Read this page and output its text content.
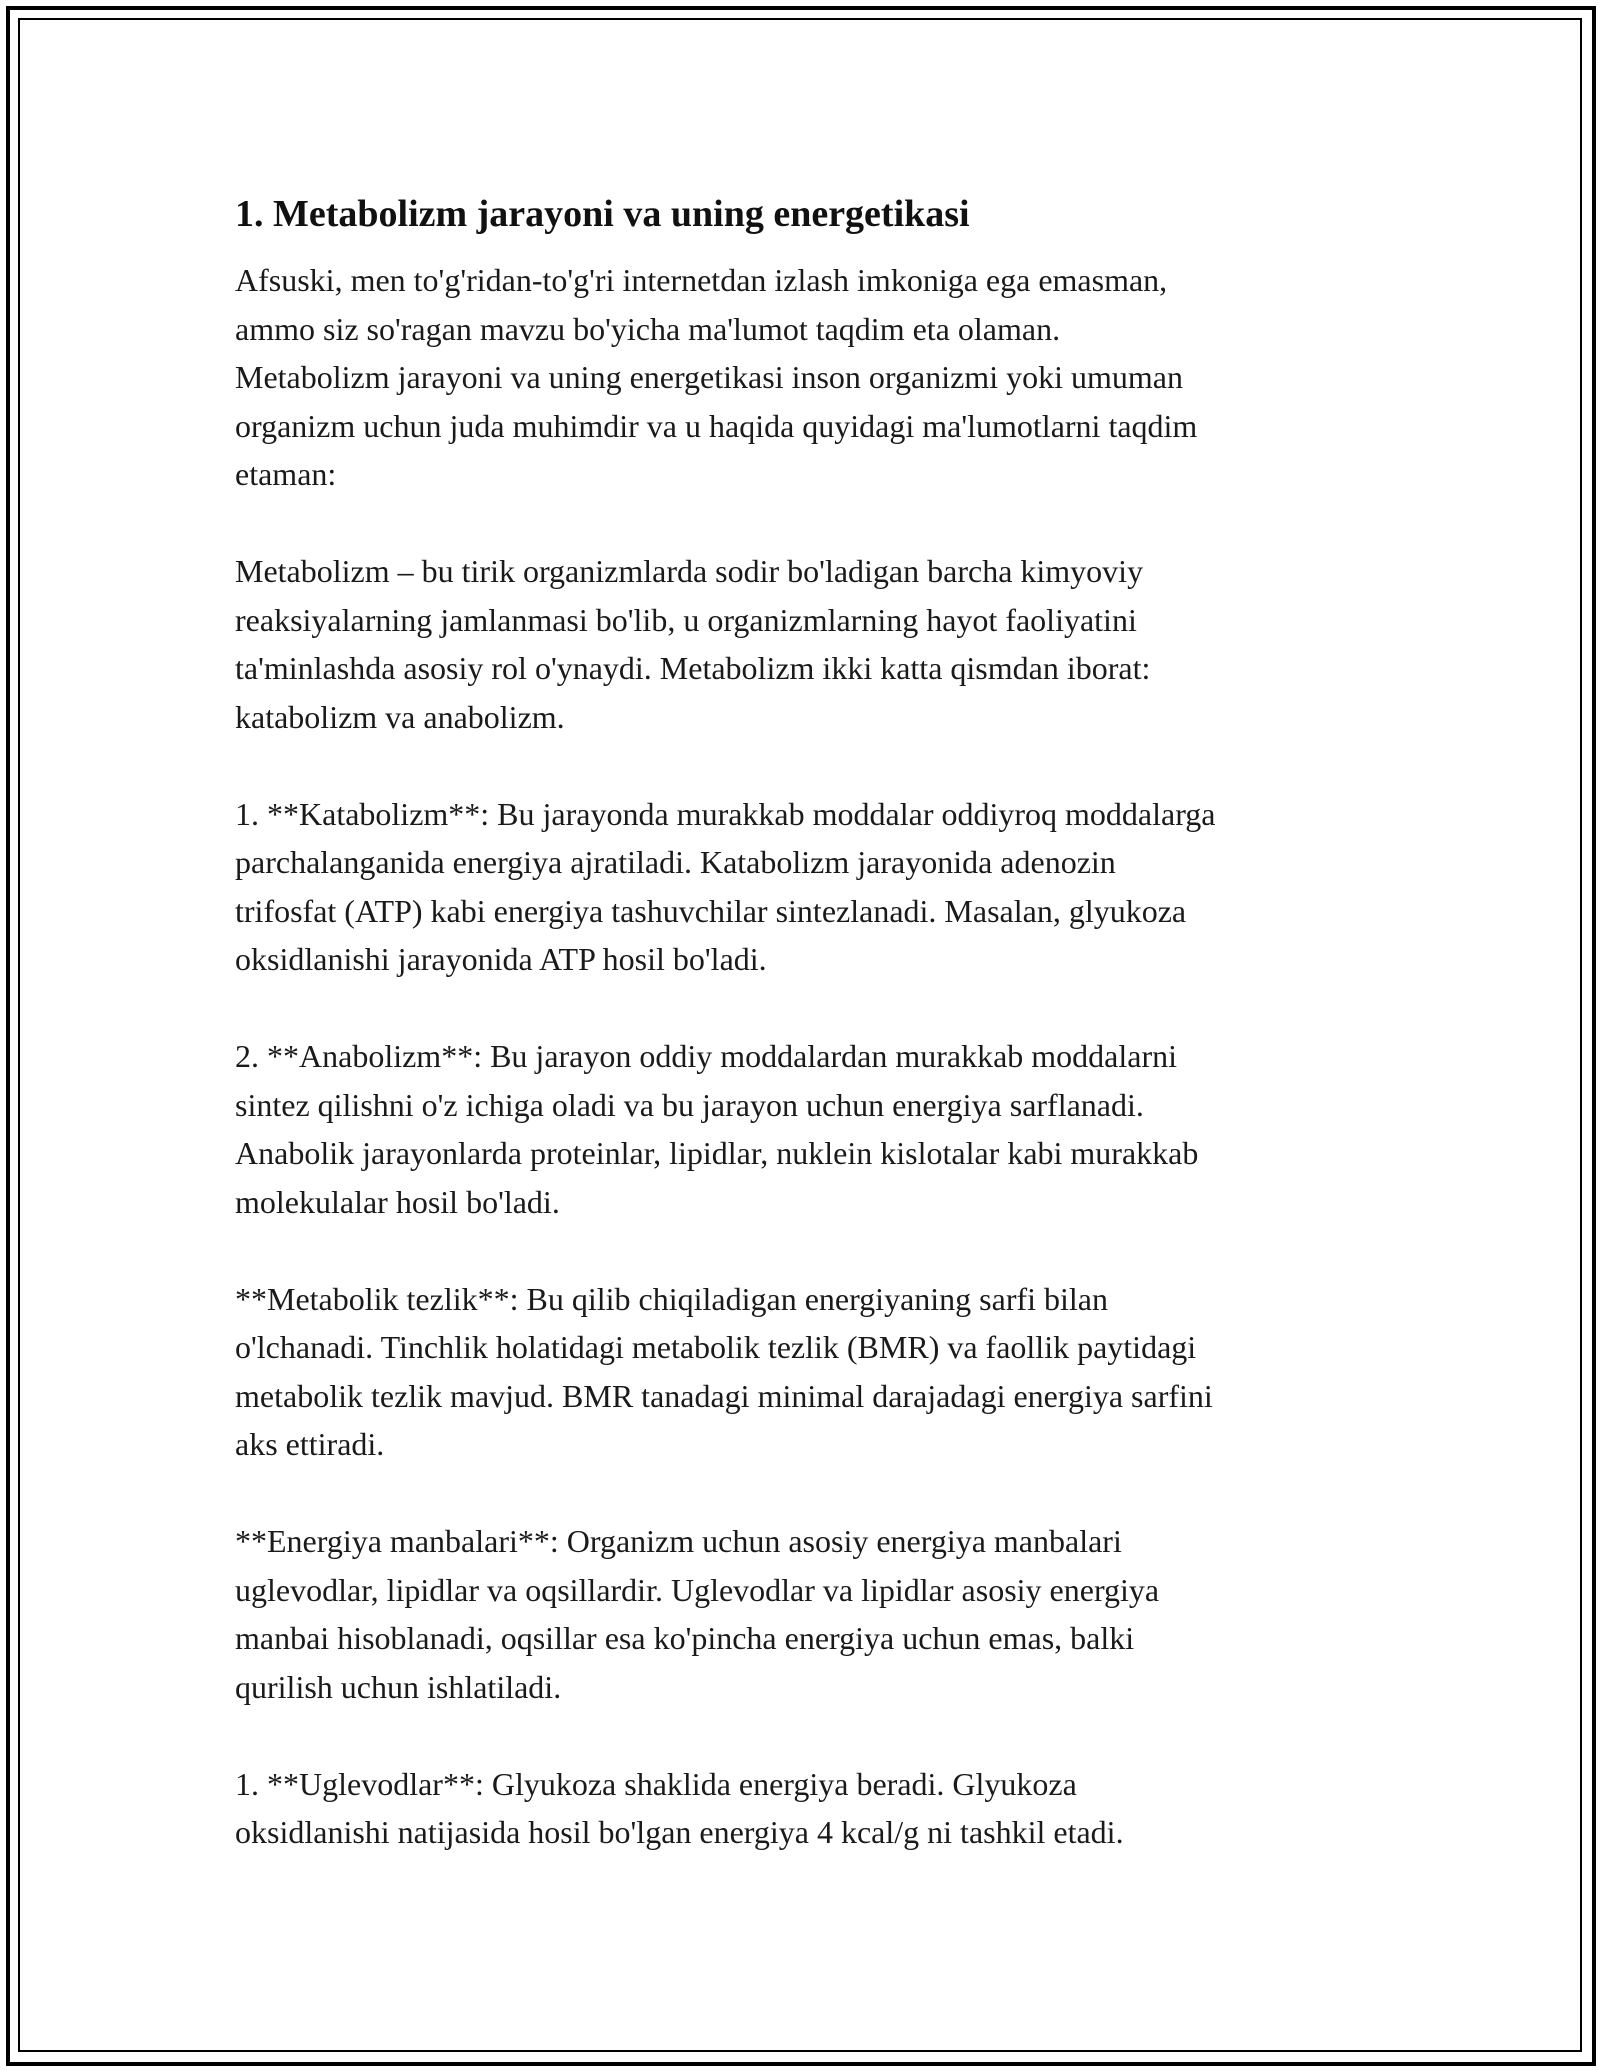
1. Metabolizm jarayoni va uning energetikasi

Afsuski, men to'g'ridan-to'g'ri internetdan izlash imkoniga ega emasman,
ammo siz so'ragan mavzu bo'yicha ma'lumot taqdim eta olaman.
Metabolizm jarayoni va uning energetikasi inson organizmi yoki umuman
organizm uchun juda muhimdir va u haqida quyidagi ma'lumotlarni taqdim
etaman:

Metabolizm – bu tirik organizmlarda sodir bo'ladigan barcha kimyoviy
reaksiyalarning jamlanmasi bo'lib, u organizmlarning hayot faoliyatini
ta'minlashda asosiy rol o'ynaydi. Metabolizm ikki katta qismdan iborat:
katabolizm va anabolizm.

1. **Katabolizm**: Bu jarayonda murakkab moddalar oddiyroq moddalarga
parchalanganida energiya ajratiladi. Katabolizm jarayonida adenozin
trifosfat (ATP) kabi energiya tashuvchilar sintezlanadi. Masalan, glyukoza
oksidlanishi jarayonida ATP hosil bo'ladi.

2. **Anabolizm**: Bu jarayon oddiy moddalardan murakkab moddalarni
sintez qilishni o'z ichiga oladi va bu jarayon uchun energiya sarflanadi.
Anabolik jarayonlarda proteinlar, lipidlar, nuklein kislotalar kabi murakkab
molekulalar hosil bo'ladi.

**Metabolik tezlik**: Bu qilib chiqiladigan energiyaning sarfi bilan
o'lchanadi. Tinchlik holatidagi metabolik tezlik (BMR) va faollik paytidagi
metabolik tezlik mavjud. BMR tanadagi minimal darajadagi energiya sarfini
aks ettiradi.

**Energiya manbalari**: Organizm uchun asosiy energiya manbalari
uglevodlar, lipidlar va oqsillardir. Uglevodlar va lipidlar asosiy energiya
manbai hisoblanadi, oqsillar esa ko'pincha energiya uchun emas, balki
qurilish uchun ishlatiladi.

1. **Uglevodlar**: Glyukoza shaklida energiya beradi. Glyukoza
oksidlanishi natijasida hosil bo'lgan energiya 4 kcal/g ni tashkil etadi.
